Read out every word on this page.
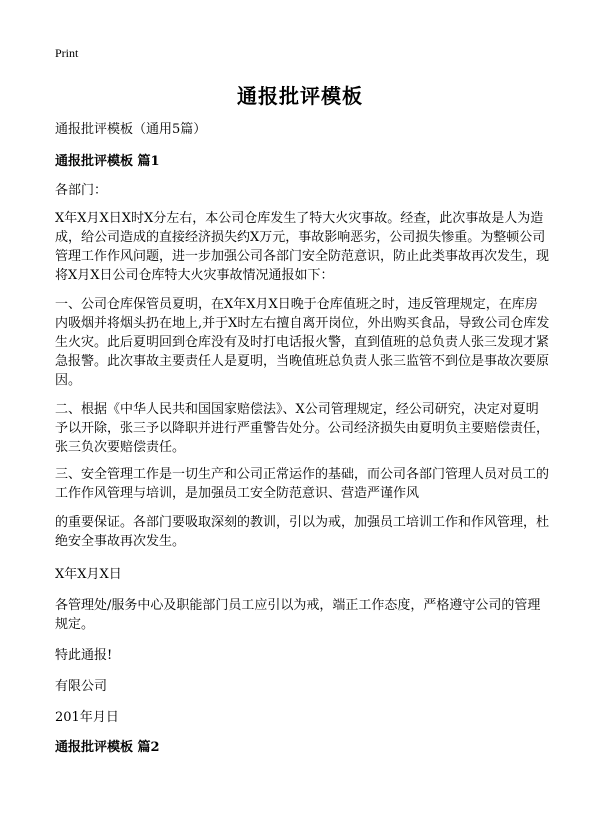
Print
通报批评模板
通报批评模板（通用5篇）
通报批评模板 篇1
各部门：
X年X月X日X时X分左右，本公司仓库发生了特大火灾事故。经查，此次事故是人为造成，给公司造成的直接经济损失约X万元，事故影响恶劣，公司损失惨重。为整顿公司管理工作作风问题，进一步加强公司各部门安全防范意识，防止此类事故再次发生，现将X月X日公司仓库特大火灾事故情况通报如下：
一、公司仓库保管员夏明，在X年X月X日晚于仓库值班之时，违反管理规定，在库房内吸烟并将烟头扔在地上,并于X时左右擅自离开岗位，外出购买食品，导致公司仓库发生火灾。此后夏明回到仓库没有及时打电话报火警，直到值班的总负责人张三发现才紧急报警。此次事故主要责任人是夏明，当晚值班总负责人张三监管不到位是事故次要原因。
二、根据《中华人民共和国国家赔偿法》、X公司管理规定，经公司研究，决定对夏明予以开除，张三予以降职并进行严重警告处分。公司经济损失由夏明负主要赔偿责任，张三负次要赔偿责任。
三、安全管理工作是一切生产和公司正常运作的基础，而公司各部门管理人员对员工的工作作风管理与培训，是加强员工安全防范意识、营造严谨作风
的重要保证。各部门要吸取深刻的教训，引以为戒，加强员工培训工作和作风管理，杜绝安全事故再次发生。
X年X月X日
各管理处/服务中心及职能部门员工应引以为戒，端正工作态度，严格遵守公司的管理规定。
特此通报!
有限公司
201年月日
通报批评模板 篇2
